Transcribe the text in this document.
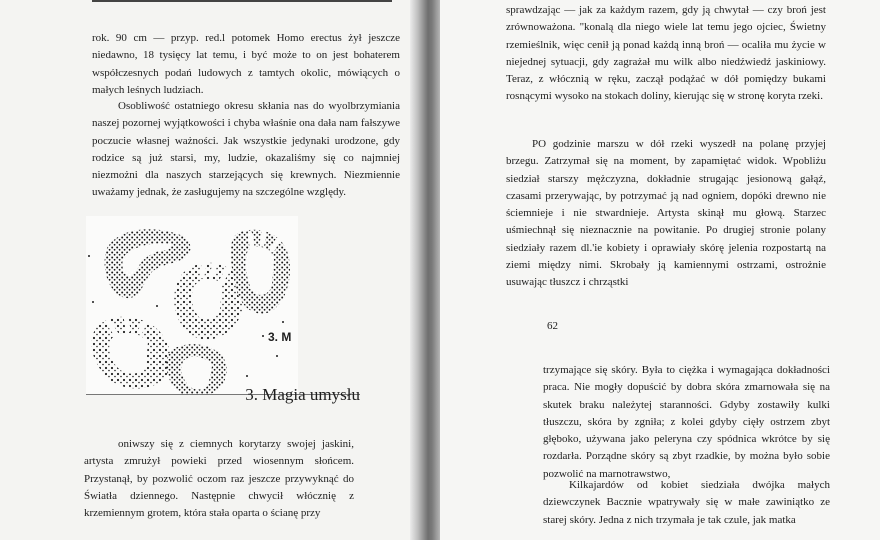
rok. 90 cm — przyp. red.l potomek Homo erectus żył jeszcze niedawno, 18 tysięcy lat temu, i być może to on jest bohaterem współczesnych podań ludowych z tamtych okolic, mówiących o małych leśnych ludziach.

Osobliwość ostatniego okresu skłania nas do wyolbrzymiania naszej pozornej wyjątkowości i chyba właśnie ona dała nam fałszywe poczucie własnej ważności. Jak wszystkie jedynaki urodzone, gdy rodzice są już starsi, my, ludzie, okazaliśmy się co najmniej niezmożni dla naszych starzejących się krewnych. Niezmiennie uważamy jednak, że zasługujemy na szczególne względy.

3. M
3. Magia umysłu

oniwszy się z ciemnych korytarzy swojej jaskini, artysta zmrużył powieki przed wiosennym słońcem. Przystanął, by pozwolić oczom raz jeszcze przywyknąć do Światła dziennego. Następnie chwycił włócznię z krzemiennym grotem, która stała oparta o ścianę przy

sprawdzając — jak za każdym razem, gdy ją chwytał — czy broń jest zrównoważona. "konalą dla niego wiele lat temu jego ojciec, Świetny rzemieślnik, więc cenił ją ponad każdą inną broń — ocaliła mu życie w niejednej sytuacji, gdy zagrażał mu wilk albo niedźwiedź jaskiniowy. Teraz, z włócznią w ręku, zaczął podążać w dół pomiędzy bukami rosnącymi wysoko na stokach doliny, kierując się w stronę koryta rzeki.

PO godzinie marszu w dół rzeki wyszedł na polanę przyjej brzegu. Zatrzymał się na moment, by zapamiętać widok. Wpobliżu siedział starszy mężczyzna, dokładnie strugając jesionową gałąź, czasami przerywając, by potrzymać ją nad ogniem, dopóki drewno nie ściemnieje i nie stwardnieje. Artysta skinął mu głową. Starzec uśmiechnął się nieznacznie na powitanie. Po drugiej stronie polany siedziały razem dl.'ie kobiety i oprawiały skórę jelenia rozpostartą na ziemi między nimi. Skrobały ją kamiennymi ostrzami, ostrożnie usuwając tłuszcz i chrząstki

62

trzymające się skóry. Była to ciężka i wymagająca dokładności praca. Nie mogły dopuścić by dobra skóra zmarnowała się na skutek braku należytej staranności. Gdyby zostawiły kulki tłuszczu, skóra by zgniła; z kolei gdyby cięły ostrzem zbyt głęboko, używana jako peleryna czy spódnica wkrótce by się rozdarła. Porządne skóry są zbyt rzadkie, by można było sobie pozwolić na marnotrawstwo,

Kilkajardów od kobiet siedziała dwójka małych dziewczynek Bacznie wpatrywały się w małe zawiniątko ze starej skóry. Jedna z nich trzymała je tak czule, jak matka
